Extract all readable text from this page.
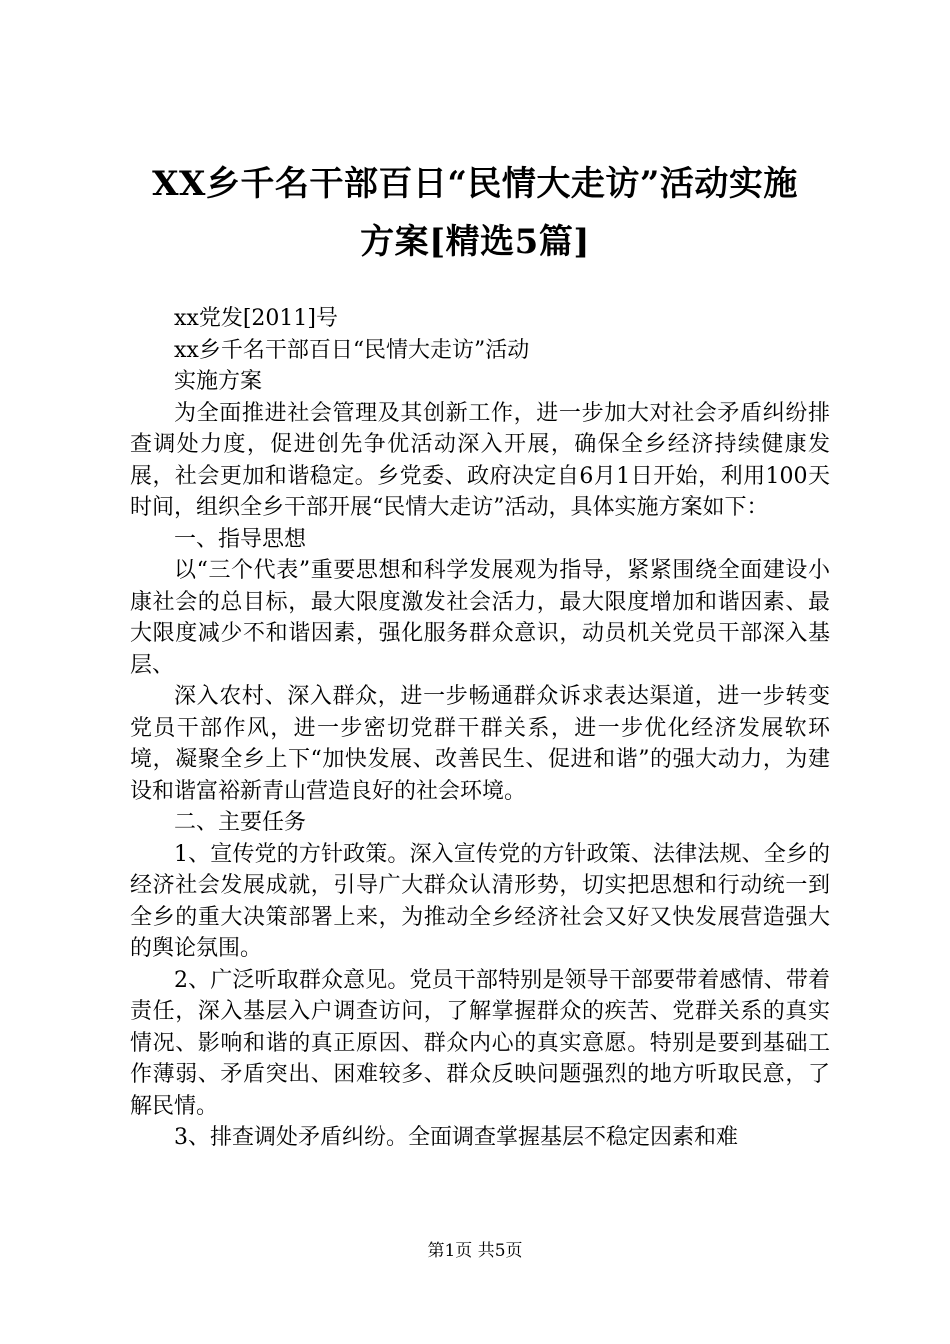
XX乡千名干部百日“民情大走访”活动实施
方案[精选5篇]

xx党发[2011]号

xx乡千名干部百日“民情大走访”活动

实施方案

为全面推进社会管理及其创新工作，进一步加大对社会矛盾纠纷排查调处力度，促进创先争优活动深入开展，确保全乡经济持续健康发展，社会更加和谐稳定。乡党委、政府决定自6月1日开始，利用100天时间，组织全乡干部开展“民情大走访”活动，具体实施方案如下：

一、指导思想

以“三个代表”重要思想和科学发展观为指导，紧紧围绕全面建设小康社会的总目标，最大限度激发社会活力，最大限度增加和谐因素、最大限度减少不和谐因素，强化服务群众意识，动员机关党员干部深入基层、

深入农村、深入群众，进一步畅通群众诉求表达渠道，进一步转变党员干部作风，进一步密切党群干群关系，进一步优化经济发展软环境，凝聚全乡上下“加快发展、改善民生、促进和谐”的强大动力，为建设和谐富裕新青山营造良好的社会环境。

二、主要任务

1、宣传党的方针政策。深入宣传党的方针政策、法律法规、全乡的经济社会发展成就，引导广大群众认清形势，切实把思想和行动统一到全乡的重大决策部署上来，为推动全乡经济社会又好又快发展营造强大的舆论氛围。

2、广泛听取群众意见。党员干部特别是领导干部要带着感情、带着责任，深入基层入户调查访问，了解掌握群众的疾苦、党群关系的真实情况、影响和谐的真正原因、群众内心的真实意愿。特别是要到基础工作薄弱、矛盾突出、困难较多、群众反映问题强烈的地方听取民意，了解民情。

3、排查调处矛盾纠纷。全面调查掌握基层不稳定因素和难

第1页 共5页
